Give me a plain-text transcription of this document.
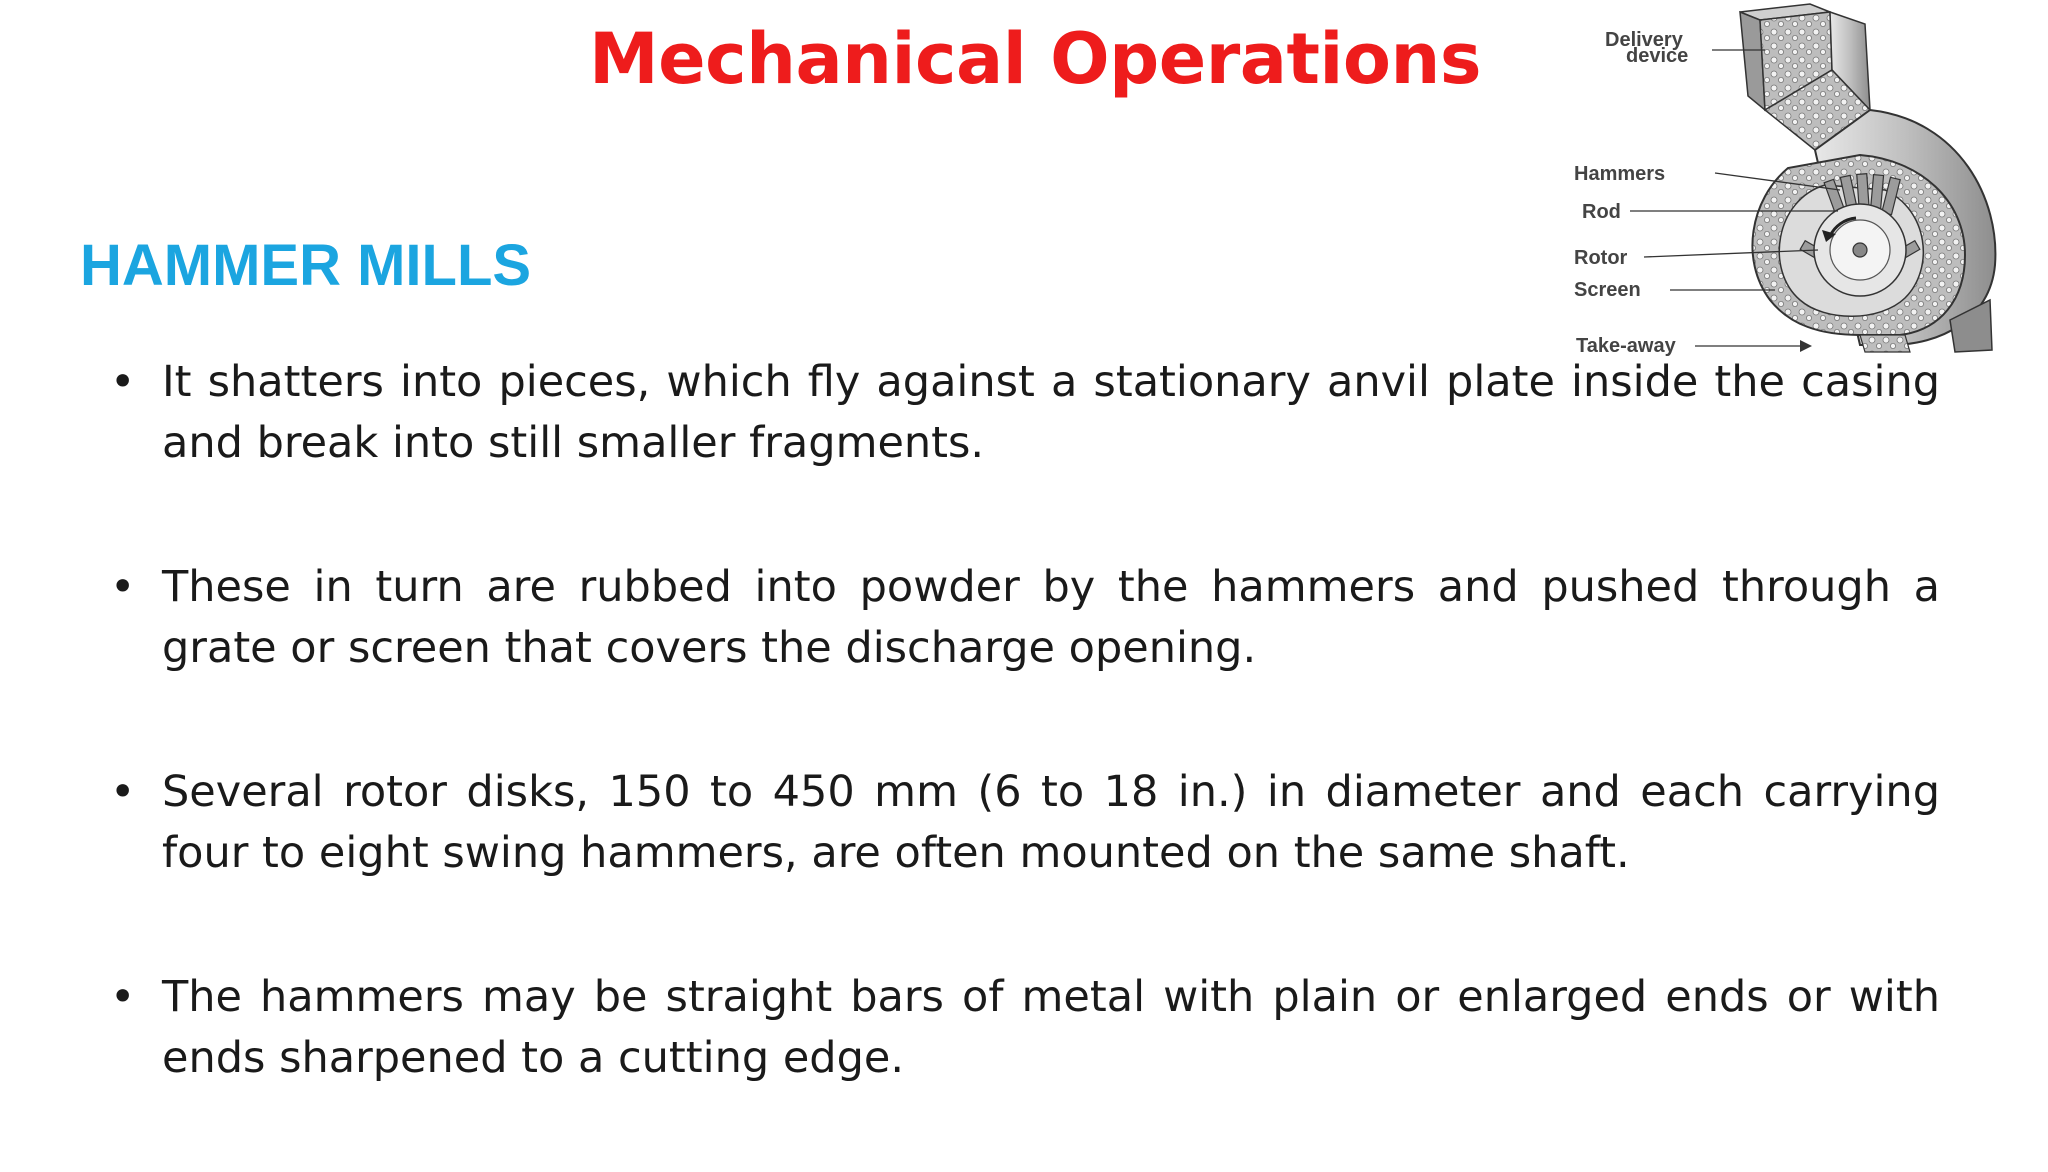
Mechanical Operations
HAMMER MILLS
• It shatters into pieces, which fly against a stationary anvil plate inside the casing and break into still smaller fragments.
• These in turn are rubbed into powder by the hammers and pushed through a grate or screen that covers the discharge opening.
• Several rotor disks, 150 to 450 mm (6 to 18 in.) in diameter and each carrying four to eight swing hammers, are often mounted on the same shaft.
• The hammers may be straight bars of metal with plain or enlarged ends or with ends sharpened to a cutting edge.
Delivery
device
Hammers
Rod
Rotor
Screen
Take-away
